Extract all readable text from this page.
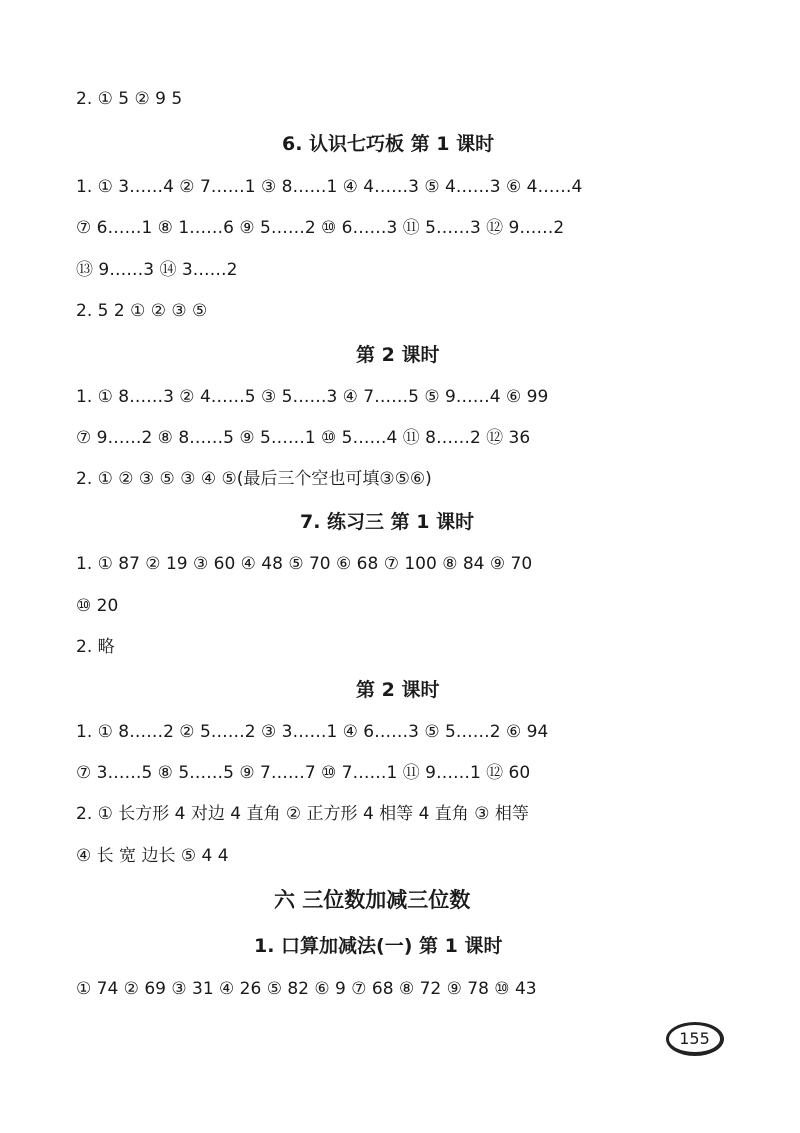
2. ① 5 ② 9 5
6. 认识七巧板 第 1 课时
1. ① 3……4 ② 7……1 ③ 8……1 ④ 4……3 ⑤ 4……3 ⑥ 4……4
⑦ 6……1 ⑧ 1……6 ⑨ 5……2 ⑩ 6……3 ⑪ 5……3 ⑫ 9……2
⑬ 9……3 ⑭ 3……2
2. 5 2 ① ② ③ ⑤
第 2 课时
1. ① 8……3 ② 4……5 ③ 5……3 ④ 7……5 ⑤ 9……4 ⑥ 99
⑦ 9……2 ⑧ 8……5 ⑨ 5……1 ⑩ 5……4 ⑪ 8……2 ⑫ 36
2. ① ② ③ ⑤ ③ ④ ⑤(最后三个空也可填③⑤⑥)
7. 练习三 第 1 课时
1. ① 87 ② 19 ③ 60 ④ 48 ⑤ 70 ⑥ 68 ⑦ 100 ⑧ 84 ⑨ 70
⑩ 20
2. 略
第 2 课时
1. ① 8……2 ② 5……2 ③ 3……1 ④ 6……3 ⑤ 5……2 ⑥ 94
⑦ 3……5 ⑧ 5……5 ⑨ 7……7 ⑩ 7……1 ⑪ 9……1 ⑫ 60
2. ① 长方形 4 对边 4 直角 ② 正方形 4 相等 4 直角 ③ 相等
④ 长 宽 边长 ⑤ 4 4
六 三位数加减三位数
1. 口算加减法(一) 第 1 课时
① 74 ② 69 ③ 31 ④ 26 ⑤ 82 ⑥ 9 ⑦ 68 ⑧ 72 ⑨ 78 ⑩ 43
155
